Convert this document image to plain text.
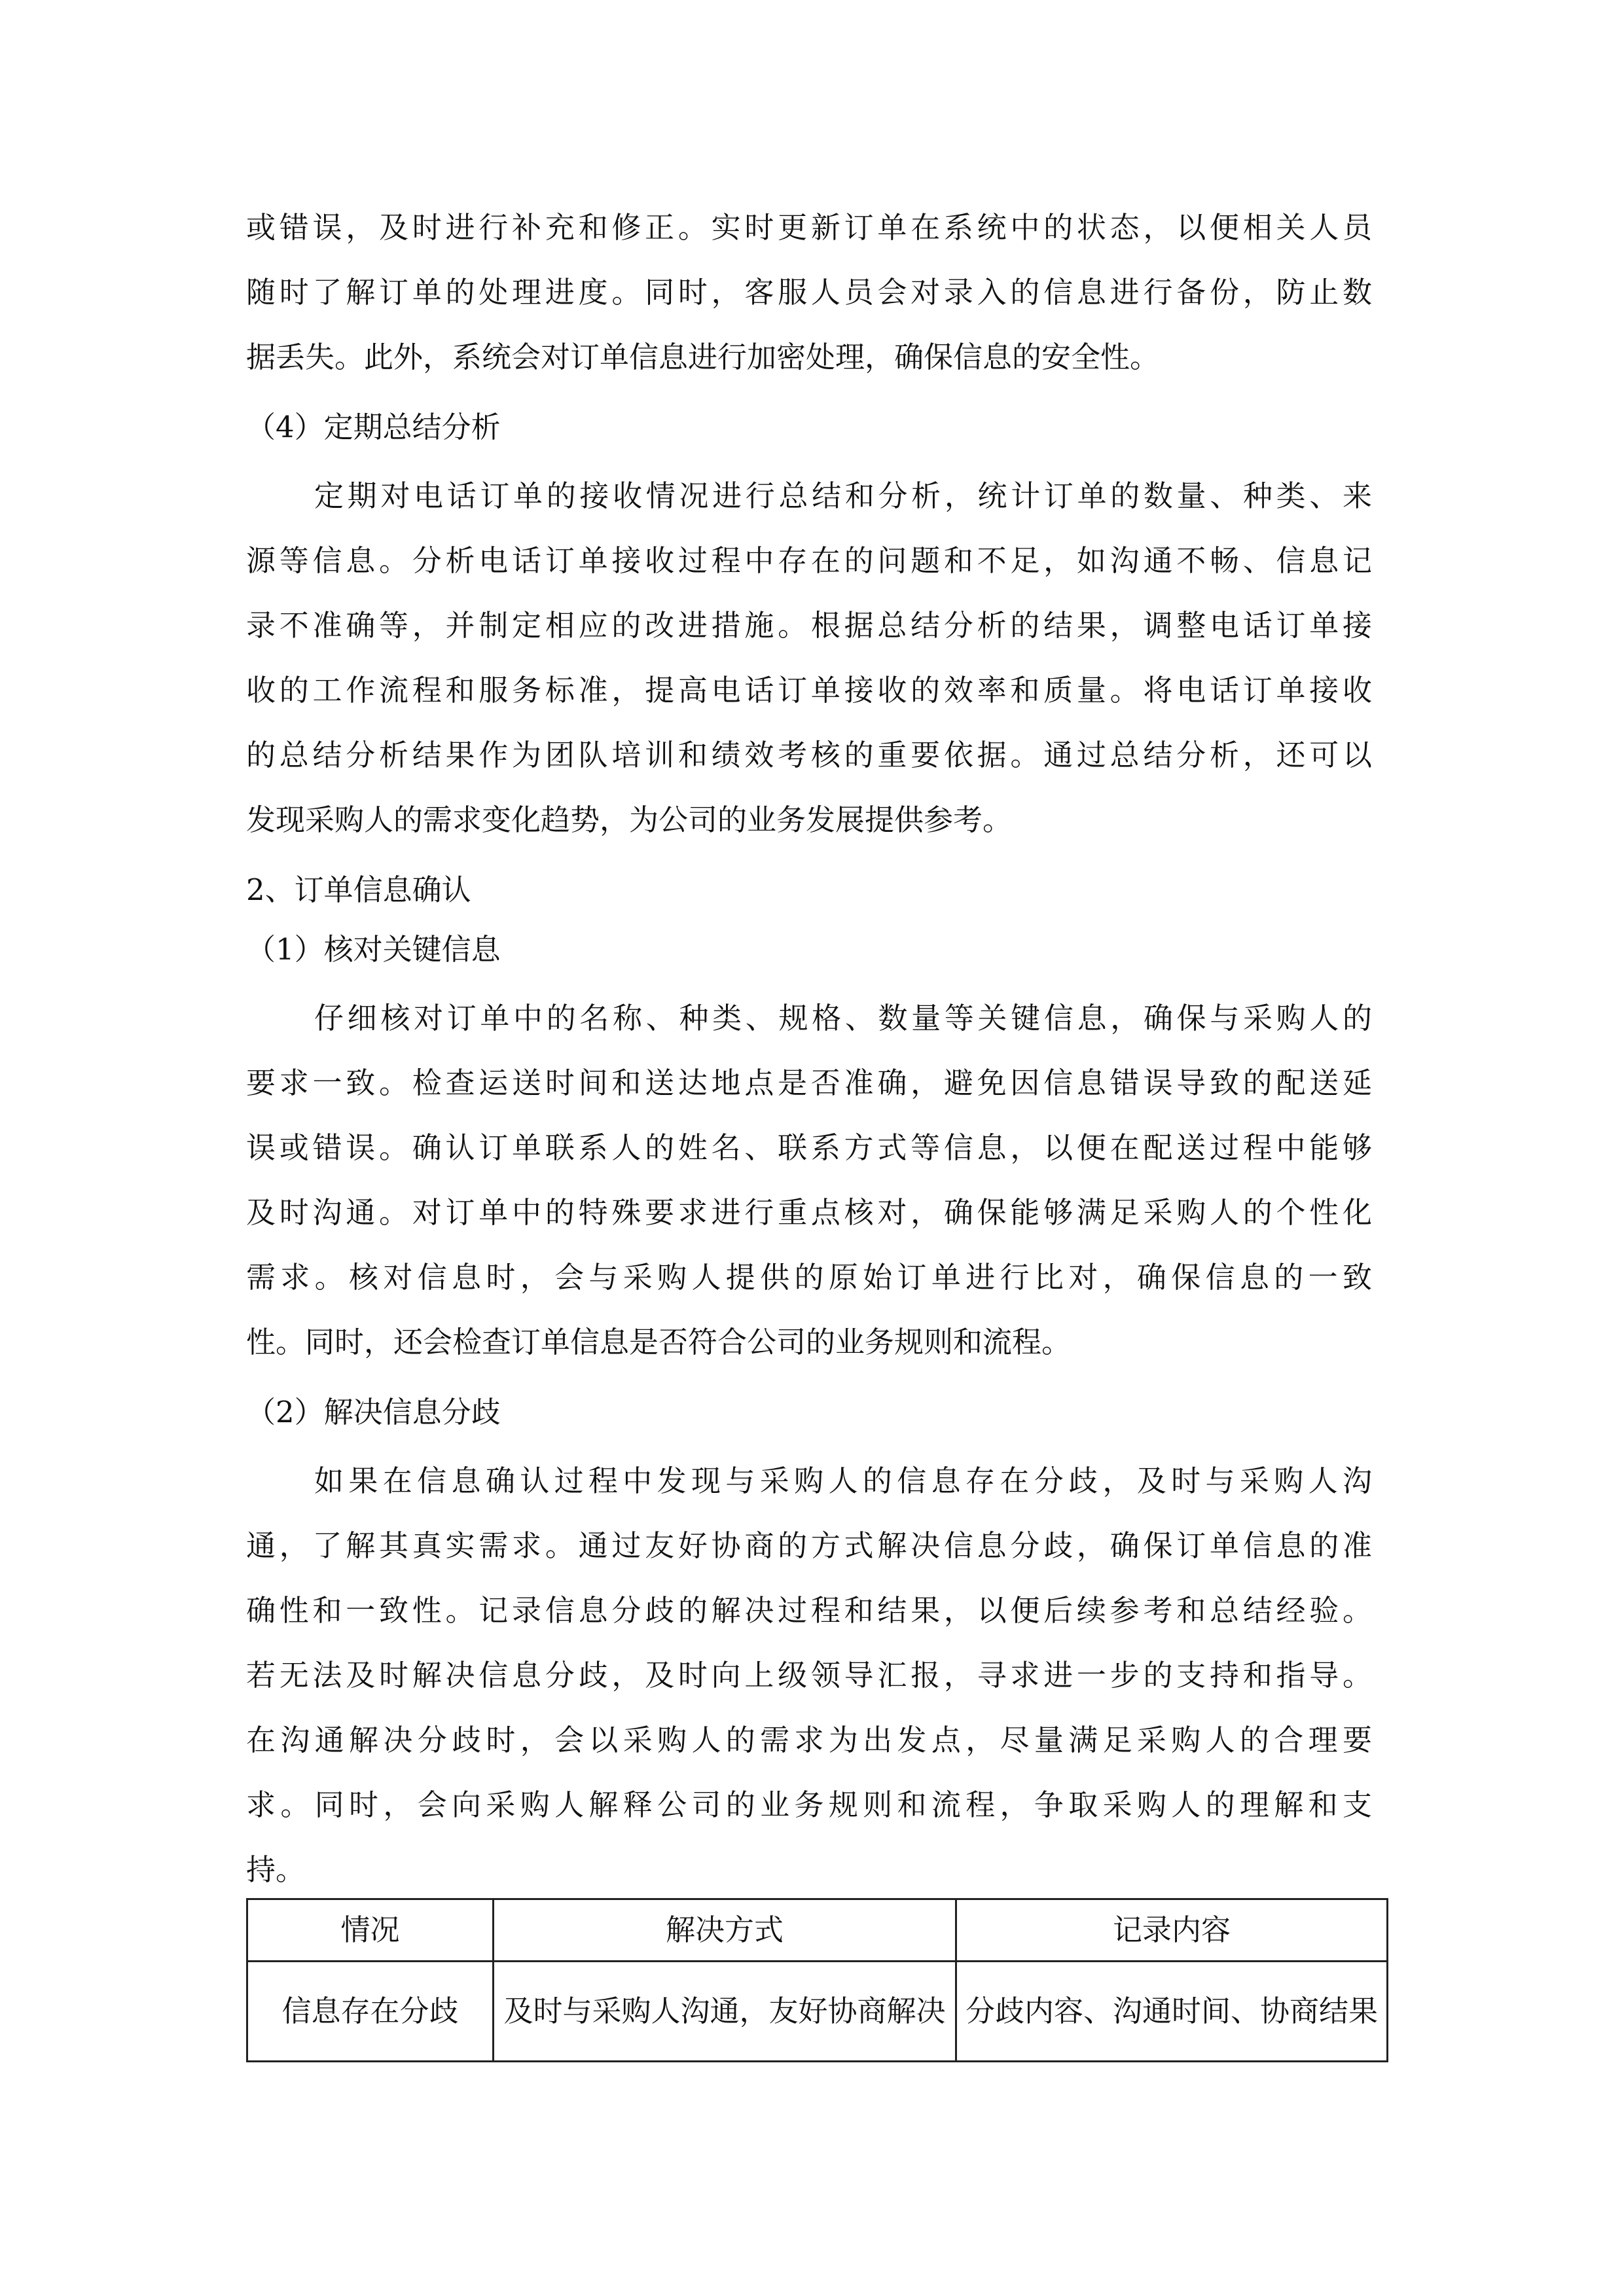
或错误，及时进行补充和修正。实时更新订单在系统中的状态，以便相关人员
随时了解订单的处理进度。同时，客服人员会对录入的信息进行备份，防止数
据丢失。此外，系统会对订单信息进行加密处理，确保信息的安全性。
（4）定期总结分析
定期对电话订单的接收情况进行总结和分析，统计订单的数量、种类、来
源等信息。分析电话订单接收过程中存在的问题和不足，如沟通不畅、信息记
录不准确等，并制定相应的改进措施。根据总结分析的结果，调整电话订单接
收的工作流程和服务标准，提高电话订单接收的效率和质量。将电话订单接收
的总结分析结果作为团队培训和绩效考核的重要依据。通过总结分析，还可以
发现采购人的需求变化趋势，为公司的业务发展提供参考。
2、订单信息确认
（1）核对关键信息
仔细核对订单中的名称、种类、规格、数量等关键信息，确保与采购人的
要求一致。检查运送时间和送达地点是否准确，避免因信息错误导致的配送延
误或错误。确认订单联系人的姓名、联系方式等信息，以便在配送过程中能够
及时沟通。对订单中的特殊要求进行重点核对，确保能够满足采购人的个性化
需求。核对信息时，会与采购人提供的原始订单进行比对，确保信息的一致
性。同时，还会检查订单信息是否符合公司的业务规则和流程。
（2）解决信息分歧
如果在信息确认过程中发现与采购人的信息存在分歧，及时与采购人沟
通，了解其真实需求。通过友好协商的方式解决信息分歧，确保订单信息的准
确性和一致性。记录信息分歧的解决过程和结果，以便后续参考和总结经验。
若无法及时解决信息分歧，及时向上级领导汇报，寻求进一步的支持和指导。
在沟通解决分歧时，会以采购人的需求为出发点，尽量满足采购人的合理要
求。同时，会向采购人解释公司的业务规则和流程，争取采购人的理解和支
持。
情况	解决方式	记录内容
信息存在分歧	及时与采购人沟通，友好协商解决	分歧内容、沟通时间、协商结果
